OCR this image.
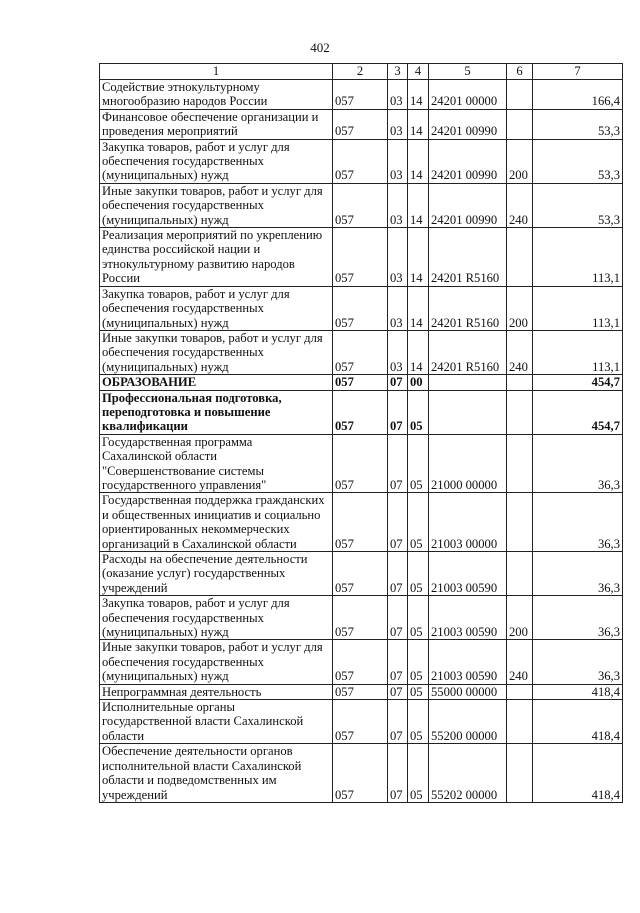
402
1	2	3	4	5	6	7

Содействие этнокультурному
многообразию народов России	057	03	14	24201 00000		166,4

Финансовое обеспечение организации и
проведения мероприятий	057	03	14	24201 00990		53,3

Закупка товаров, работ и услуг для
обеспечения государственных
(муниципальных) нужд	057	03	14	24201 00990	200	53,3

Иные закупки товаров, работ и услуг для
обеспечения государственных
(муниципальных) нужд	057	03	14	24201 00990	240	53,3

Реализация мероприятий по укреплению
единства российской нации и
этнокультурному развитию народов
России	057	03	14	24201 R5160		113,1

Закупка товаров, работ и услуг для
обеспечения государственных
(муниципальных) нужд	057	03	14	24201 R5160	200	113,1

Иные закупки товаров, работ и услуг для
обеспечения государственных
(муниципальных) нужд	057	03	14	24201 R5160	240	113,1

ОБРАЗОВАНИЕ	057	07	00			454,7

Профессиональная подготовка,
переподготовка и повышение
квалификации	057	07	05			454,7

Государственная программа
Сахалинской области
"Совершенствование системы
государственного управления"	057	07	05	21000 00000		36,3

Государственная поддержка гражданских
и общественных инициатив и социально
ориентированных некоммерческих
организаций в Сахалинской области	057	07	05	21003 00000		36,3

Расходы на обеспечение деятельности
(оказание услуг) государственных
учреждений	057	07	05	21003 00590		36,3

Закупка товаров, работ и услуг для
обеспечения государственных
(муниципальных) нужд	057	07	05	21003 00590	200	36,3

Иные закупки товаров, работ и услуг для
обеспечения государственных
(муниципальных) нужд	057	07	05	21003 00590	240	36,3

Непрограммная деятельность	057	07	05	55000 00000		418,4

Исполнительные органы
государственной власти Сахалинской
области	057	07	05	55200 00000		418,4

Обеспечение деятельности органов
исполнительной власти Сахалинской
области и подведомственных им
учреждений	057	07	05	55202 00000		418,4
